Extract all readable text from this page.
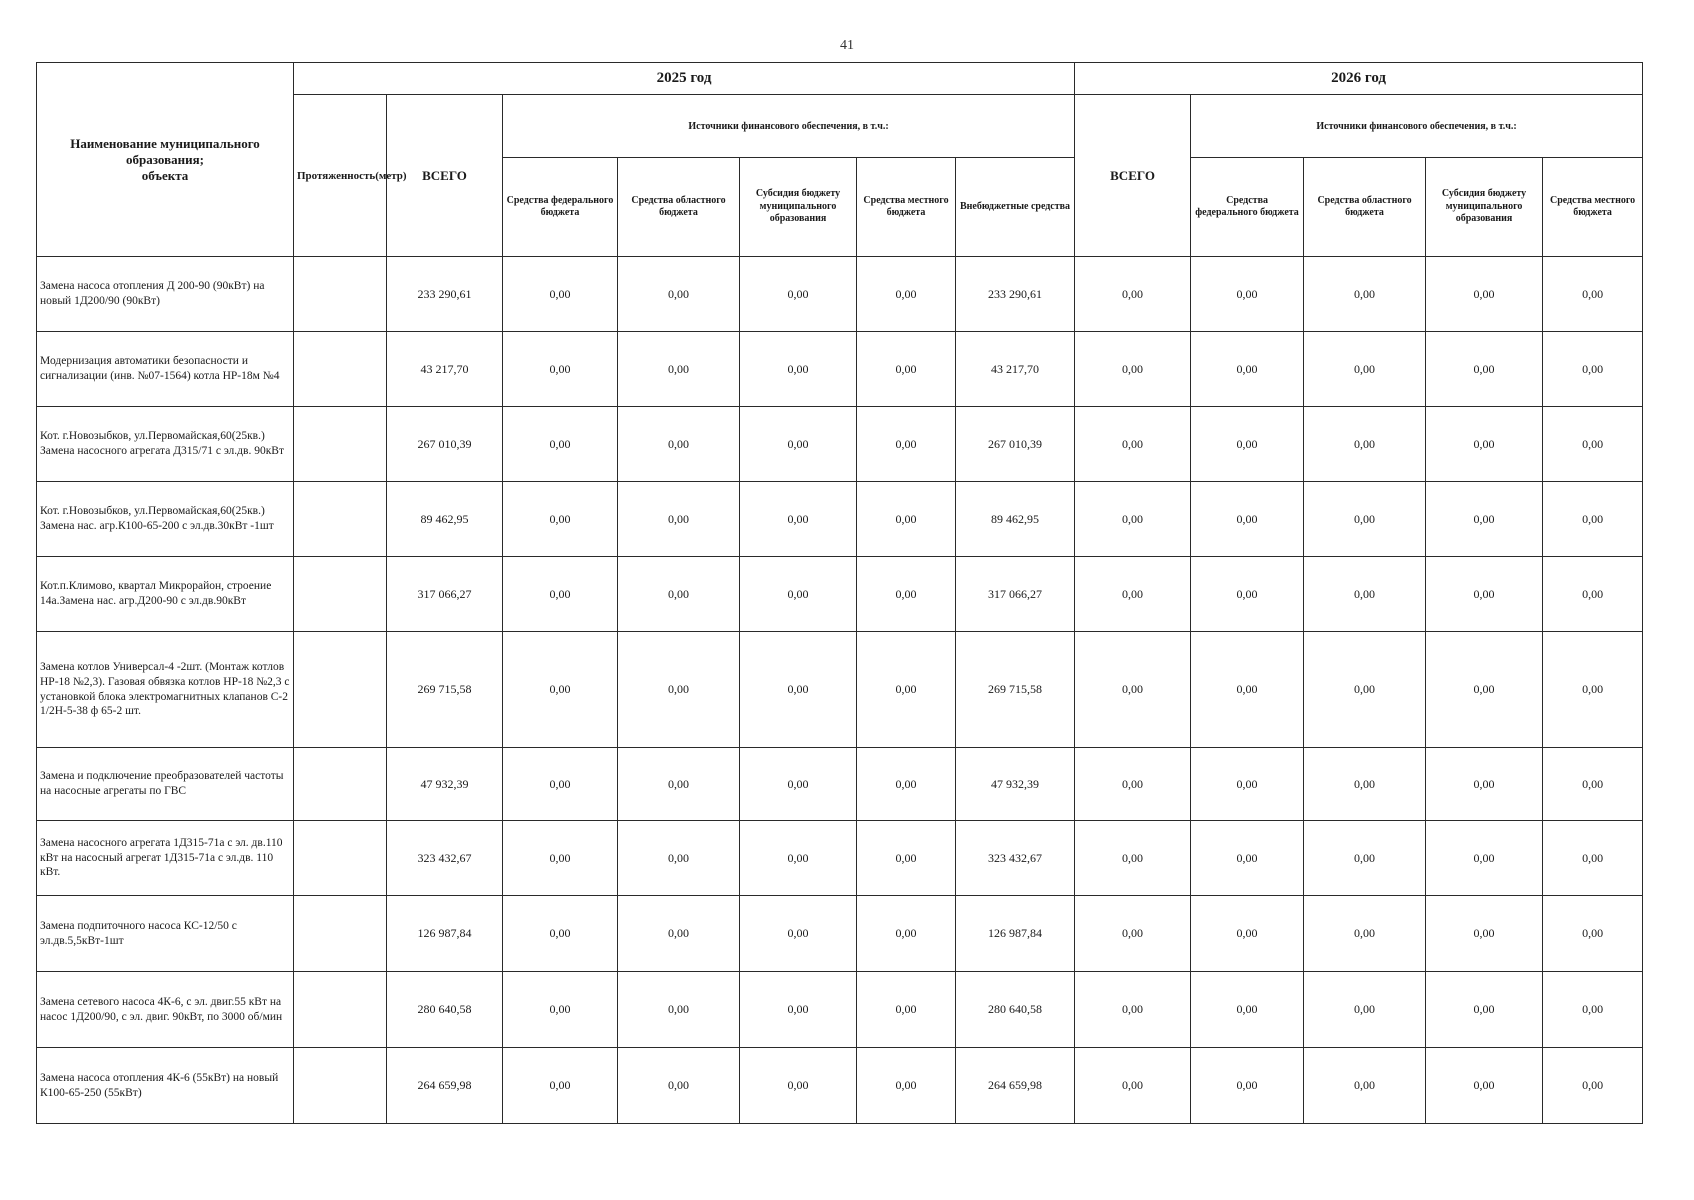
41
Наименование муниципального образования;
объекта	2025 год							2026 год				
	Протяженность(метр)	ВСЕГО	Источники финансового обеспечения, в т.ч.:					ВСЕГО	Источники финансового обеспечения, в т.ч.:			
			Средства федерального бюджета	Средства областного бюджета	Субсидия бюджету муниципального образования	Средства местного бюджета	Внебюджетные средства		Средства федерального бюджета	Средства областного бюджета	Субсидия бюджету муниципального образования	Средства местного бюджета
Замена насоса отопления Д 200-90 (90кВт) на новый 1Д200/90 (90кВт)		233 290,61	0,00	0,00	0,00	0,00	233 290,61	0,00	0,00	0,00	0,00	0,00
Модернизация автоматики безопасности и сигнализации (инв. №07-1564) котла НР-18м №4		43 217,70	0,00	0,00	0,00	0,00	43 217,70	0,00	0,00	0,00	0,00	0,00
Кот. г.Новозыбков, ул.Первомайская,60(25кв.) Замена насосного агрегата Д315/71 с эл.дв. 90кВт		267 010,39	0,00	0,00	0,00	0,00	267 010,39	0,00	0,00	0,00	0,00	0,00
Кот. г.Новозыбков, ул.Первомайская,60(25кв.) Замена нас. агр.К100-65-200 с эл.дв.30кВт -1шт		89 462,95	0,00	0,00	0,00	0,00	89 462,95	0,00	0,00	0,00	0,00	0,00
Кот.п.Климово, квартал Микрорайон, строение 14а.Замена нас. агр.Д200-90 с эл.дв.90кВт		317 066,27	0,00	0,00	0,00	0,00	317 066,27	0,00	0,00	0,00	0,00	0,00
Замена котлов Универсал-4 -2шт. (Монтаж котлов НР-18 №2,3). Газовая обвязка котлов НР-18 №2,3 с установкой блока электромагнитных клапанов С-2 1/2Н-5-38 ф 65-2 шт.		269 715,58	0,00	0,00	0,00	0,00	269 715,58	0,00	0,00	0,00	0,00	0,00
Замена и подключение преобразователей частоты на насосные агрегаты по ГВС		47 932,39	0,00	0,00	0,00	0,00	47 932,39	0,00	0,00	0,00	0,00	0,00
Замена насосного агрегата 1Д315-71а с эл. дв.110 кВт на насосный агрегат 1Д315-71а с эл.дв. 110 кВт.		323 432,67	0,00	0,00	0,00	0,00	323 432,67	0,00	0,00	0,00	0,00	0,00
Замена подпиточного насоса КС-12/50 с эл.дв.5,5кВт-1шт		126 987,84	0,00	0,00	0,00	0,00	126 987,84	0,00	0,00	0,00	0,00	0,00
Замена сетевого насоса 4К-6, с эл. двиг.55 кВт на насос 1Д200/90, с эл. двиг. 90кВт, по 3000 об/мин		280 640,58	0,00	0,00	0,00	0,00	280 640,58	0,00	0,00	0,00	0,00	0,00
Замена насоса отопления 4К-6 (55кВт) на новый К100-65-250 (55кВт)		264 659,98	0,00	0,00	0,00	0,00	264 659,98	0,00	0,00	0,00	0,00	0,00
